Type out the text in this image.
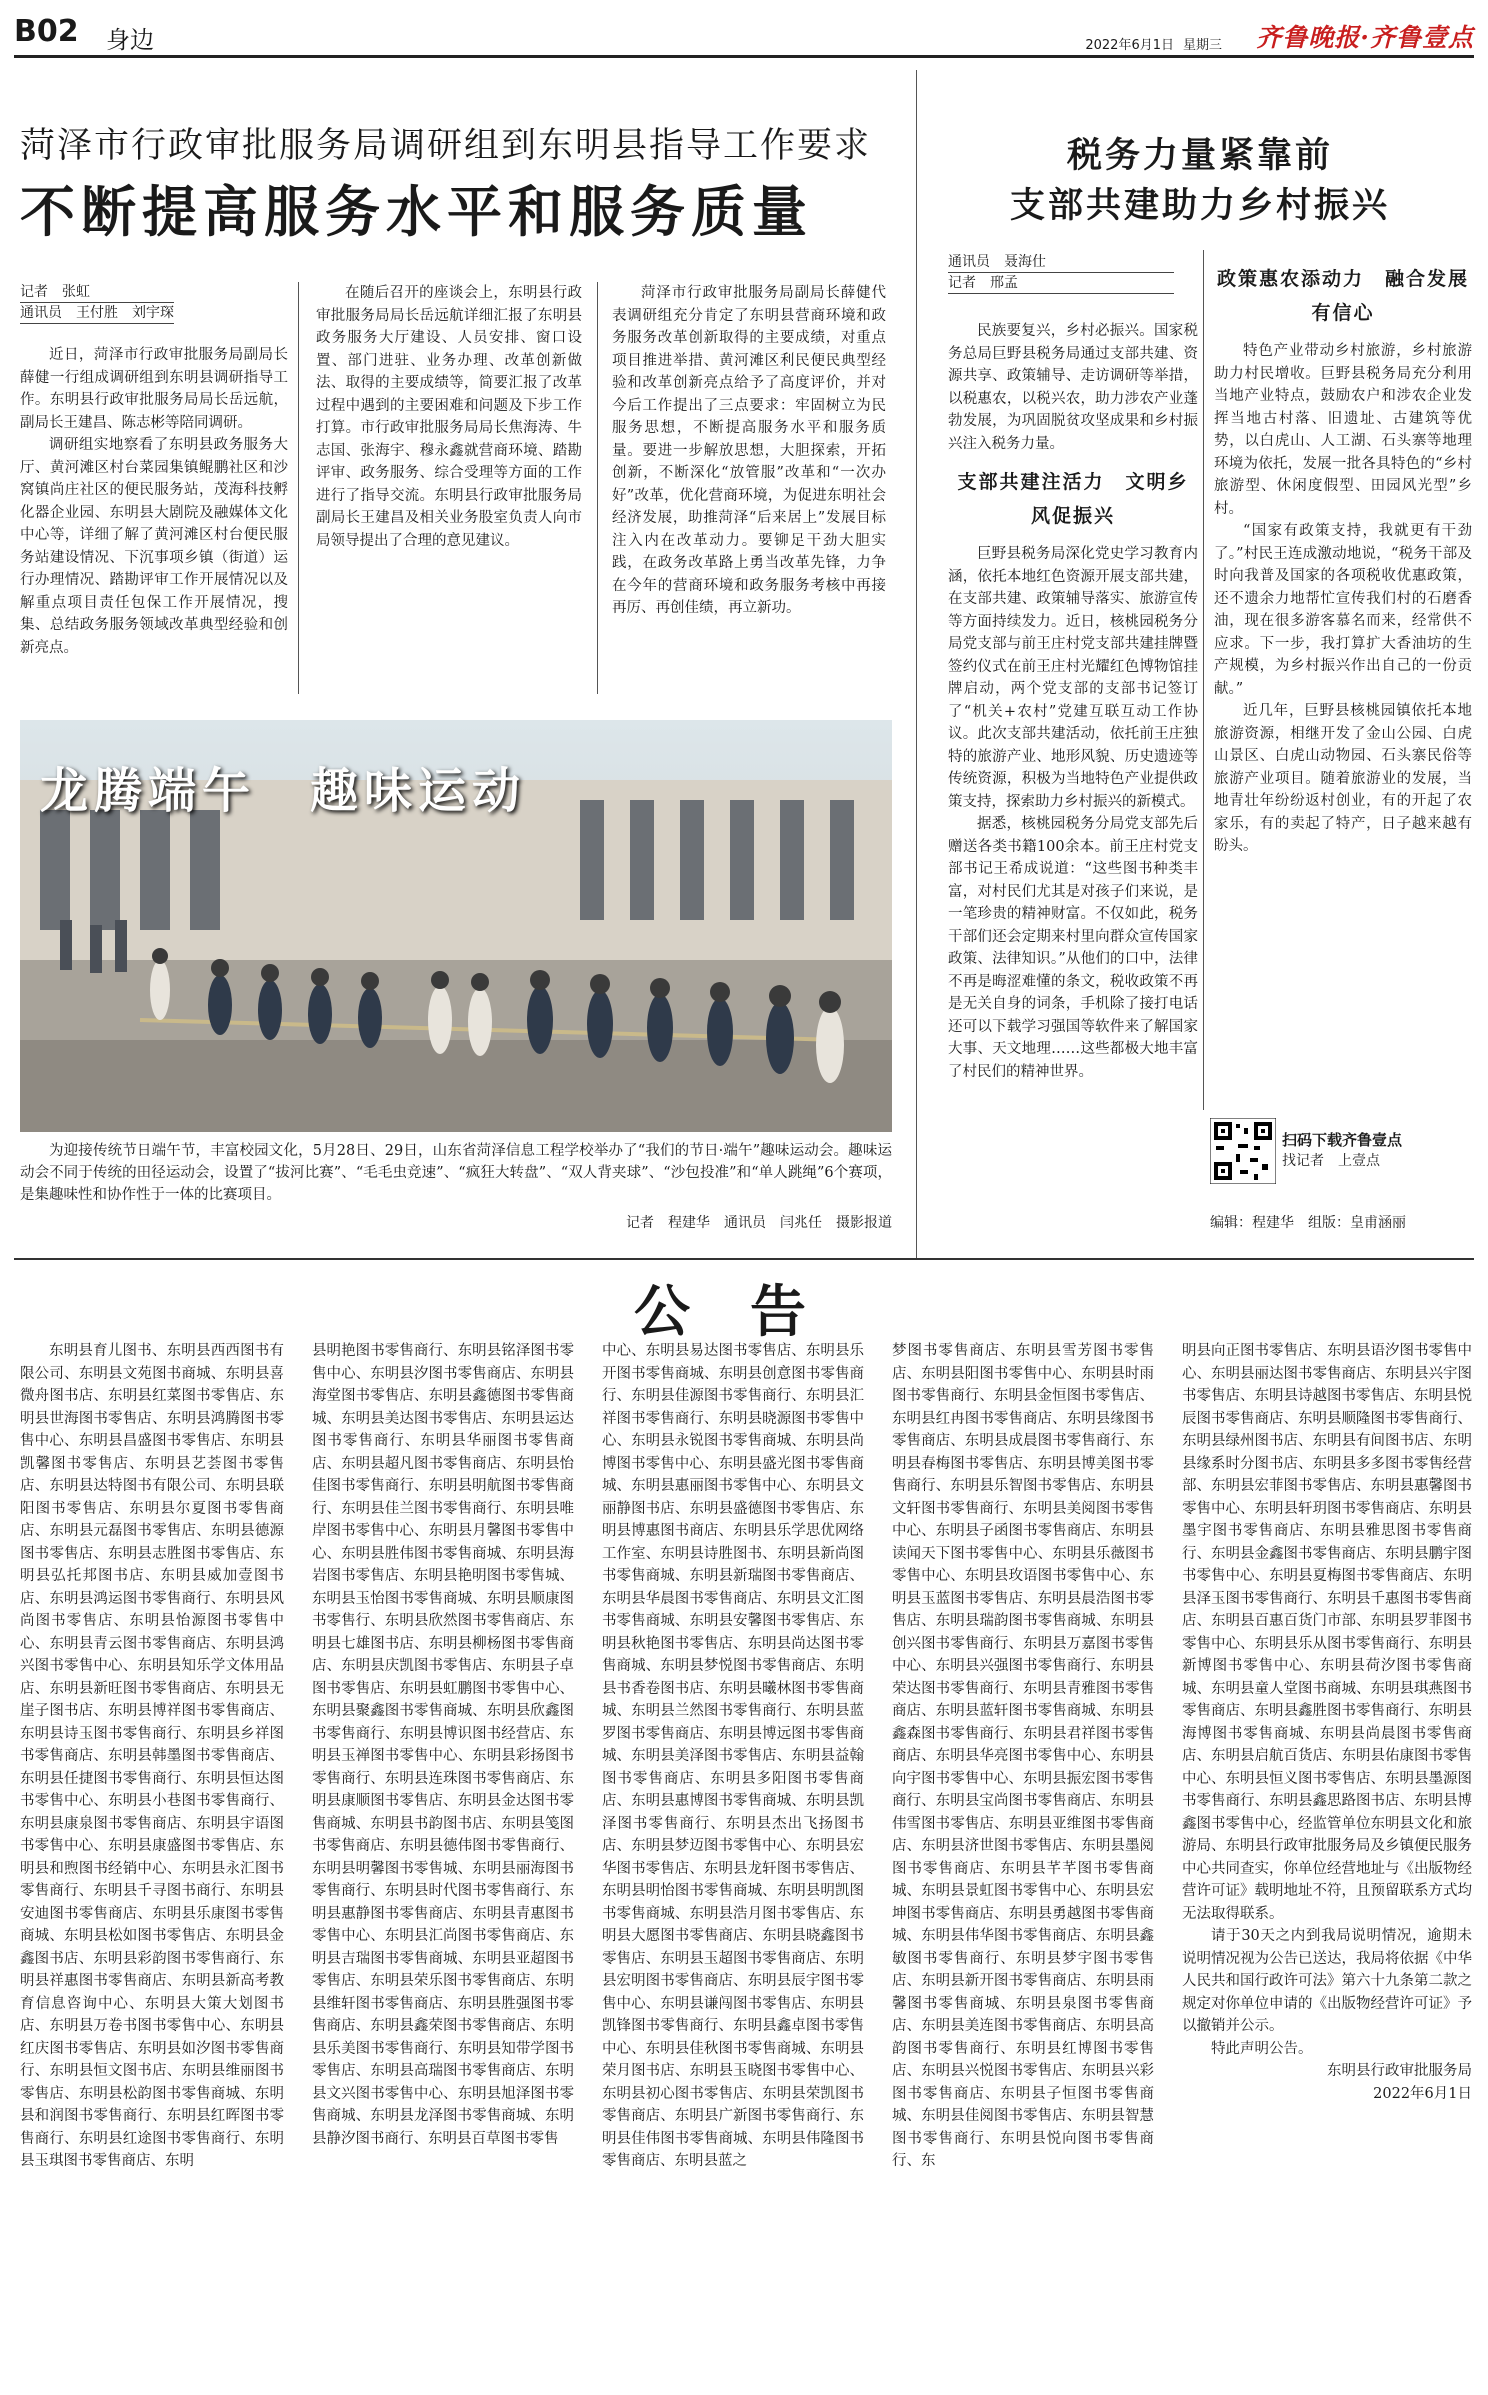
B02 身边	2022年6月1日 星期三 齐鲁晚报·齐鲁壹点
菏泽市行政审批服务局调研组到东明县指导工作要求
不断提高服务水平和服务质量
记者　张虹
通讯员　王付胜　刘宇琛

近日，菏泽市行政审批服务局副局长薛健一行组成调研组到东明县调研指导工作。东明县行政审批服务局局长岳远航，副局长王建昌、陈志彬等陪同调研。

调研组实地察看了东明县政务服务大厅、黄河滩区村台菜园集镇鲲鹏社区和沙窝镇尚庄社区的便民服务站，茂海科技孵化器企业园、东明县大剧院及融媒体文化中心等，详细了解了黄河滩区村台便民服务站建设情况、下沉事项乡镇（街道）运行办理情况、踏勘评审工作开展情况以及解重点项目责任包保工作开展情况，搜集、总结政务服务领域改革典型经验和创新亮点。

在随后召开的座谈会上，东明县行政审批服务局局长岳远航详细汇报了东明县政务服务大厅建设、人员安排、窗口设置、部门进驻、业务办理、改革创新做法、取得的主要成绩等，简要汇报了改革过程中遇到的主要困难和问题及下步工作打算。市行政审批服务局局长焦海涛、牛志国、张海宇、穆永鑫就营商环境、踏勘评审、政务服务、综合受理等方面的工作进行了指导交流。东明县行政审批服务局副局长王建昌及相关业务股室负责人向市局领导提出了合理的意见建议。

菏泽市行政审批服务局副局长薛健代表调研组充分肯定了东明县营商环境和政务服务改革创新取得的主要成绩，对重点项目推进举措、黄河滩区利民便民典型经验和改革创新亮点给予了高度评价，并对今后工作提出了三点要求：牢固树立为民服务思想，不断提高服务水平和服务质量。要进一步解放思想，大胆探索，开拓创新，不断深化“放管服”改革和“一次办好”改革，优化营商环境，为促进东明社会经济发展，助推菏泽“后来居上”发展目标注入内在改革动力。要铆足干劲大胆实践，在政务改革路上勇当改革先锋，力争在今年的营商环境和政务服务考核中再接再厉、再创佳绩，再立新功。

税务力量紧靠前
支部共建助力乡村振兴
通讯员　聂海仕
记者　邢孟

民族要复兴，乡村必振兴。国家税务总局巨野县税务局通过支部共建、资源共享、政策辅导、走访调研等举措，以税惠农，以税兴农，助力涉农产业蓬勃发展，为巩固脱贫攻坚成果和乡村振兴注入税务力量。

支部共建注活力　文明乡风促振兴

巨野县税务局深化党史学习教育内涵，依托本地红色资源开展支部共建，在支部共建、政策辅导落实、旅游宣传等方面持续发力。近日，核桃园税务分局党支部与前王庄村党支部共建挂牌暨签约仪式在前王庄村光耀红色博物馆挂牌启动，两个党支部的支部书记签订了“机关+农村”党建互联互动工作协议。此次支部共建活动，依托前王庄独特的旅游产业、地形风貌、历史遗迹等传统资源，积极为当地特色产业提供政策支持，探索助力乡村振兴的新模式。

据悉，核桃园税务分局党支部先后赠送各类书籍100余本。前王庄村党支部书记王希成说道：“这些图书种类丰富，对村民们尤其是对孩子们来说，是一笔珍贵的精神财富。不仅如此，税务干部们还会定期来村里向群众宣传国家政策、法律知识。”从他们的口中，法律不再是晦涩难懂的条文，税收政策不再是无关自身的词条，手机除了接打电话还可以下载学习强国等软件来了解国家大事、天文地理……这些都极大地丰富了村民们的精神世界。

政策惠农添动力　融合发展有信心

特色产业带动乡村旅游，乡村旅游助力村民增收。巨野县税务局充分利用当地产业特点，鼓励农户和涉农企业发挥当地古村落、旧遗址、古建筑等优势，以白虎山、人工湖、石头寨等地理环境为依托，发展一批各具特色的“乡村旅游型、休闲度假型、田园风光型”乡村。

“国家有政策支持，我就更有干劲了。”村民王连成激动地说，“税务干部及时向我普及国家的各项税收优惠政策，还不遗余力地帮忙宣传我们村的石磨香油，现在很多游客慕名而来，经常供不应求。下一步，我打算扩大香油坊的生产规模，为乡村振兴作出自己的一份贡献。”

近几年，巨野县核桃园镇依托本地旅游资源，相继开发了金山公园、白虎山景区、白虎山动物园、石头寨民俗等旅游产业项目。随着旅游业的发展，当地青壮年纷纷返村创业，有的开起了农家乐，有的卖起了特产，日子越来越有盼头。

扫码下载齐鲁壹点
找记者　上壹点
编辑：程建华　组版：皇甫涵丽
龙腾端午　趣味运动
为迎接传统节日端午节，丰富校园文化，5月28日、29日，山东省菏泽信息工程学校举办了“我们的节日·端午”趣味运动会。趣味运动会不同于传统的田径运动会，设置了“拔河比赛”、“毛毛虫竞速”、“疯狂大转盘”、“双人背夹球”、“沙包投准”和“单人跳绳”6个赛项，是集趣味性和协作性于一体的比赛项目。
记者　程建华　通讯员　闫兆任　摄影报道
公告

东明县育儿图书、东明县西西图书有限公司、东明县文苑图书商城、东明县喜微舟图书店、东明县红菜图书零售店、东明县世海图书零售店、东明县鸿腾图书零售中心、东明县昌盛图书零售店、东明县凯馨图书零售店、东明县艺荟图书零售店、东明县达特图书有限公司、东明县联阳图书零售店、东明县尔夏图书零售商店、东明县元磊图书零售店、东明县德源图书零售店、东明县志胜图书零售店、东明县弘托邦图书店、东明县威加壹图书店、东明县鸿运图书零售商行、东明县风尚图书零售店、东明县怡源图书零售中心、东明县青云图书零售商店、东明县鸿兴图书零售中心、东明县知乐学文体用品店、东明县新旺图书零售商店、东明县无崖子图书店、东明县博祥图书零售商店、东明县诗玉图书零售商行、东明县乡祥图书零售商店、东明县韩墨图书零售商店、东明县任捷图书零售商行、东明县恒达图书零售中心、东明县小巷图书零售商行、东明县康泉图书零售商店、东明县宇语图书零售中心、东明县康盛图书零售店、东明县和煦图书经销中心、东明县永汇图书零售商行、东明县千寻图书商行、东明县安迪图书零售商店、东明县乐康图书零售商城、东明县松如图书零售店、东明县金鑫图书店、东明县彩韵图书零售商行、东明县祥惠图书零售商店、东明县新高考教育信息咨询中心、东明县大策大划图书店、东明县万卷书图书零售中心、东明县红庆图书零售店、东明县如汐图书零售商行、东明县恒文图书店、东明县维丽图书零售店、东明县松韵图书零售商城、东明县和润图书零售商行、东明县红晖图书零售商行、东明县红途图书零售商行、东明县玉琪图书零售商店、东明

县明艳图书零售商行、东明县铭泽图书零售中心、东明县汐图书零售商店、东明县海堂图书零售店、东明县鑫德图书零售商城、东明县美达图书零售店、东明县运达图书零售商行、东明县华丽图书零售商店、东明县超凡图书零售商店、东明县怡佳图书零售商行、东明县明航图书零售商行、东明县佳兰图书零售商行、东明县唯岸图书零售中心、东明县月馨图书零售中心、东明县胜伟图书零售商城、东明县海岩图书零售店、东明县艳明图书零售城、东明县玉怡图书零售商城、东明县顺康图书零售行、东明县欣然图书零售商店、东明县七雄图书店、东明县柳杨图书零售商店、东明县庆凯图书零售店、东明县子卓图书零售店、东明县虹鹏图书零售中心、东明县聚鑫图书零售商城、东明县欣鑫图书零售商行、东明县博识图书经营店、东明县玉禅图书零售中心、东明县彩扬图书零售商行、东明县连珠图书零售商店、东明县康顺图书零售店、东明县金达图书零售商城、东明县书韵图书店、东明县笺图书零售商店、东明县德伟图书零售商行、东明县明馨图书零售城、东明县丽海图书零售商行、东明县时代图书零售商行、东明县惠静图书零售商店、东明县青惠图书零售中心、东明县汇尚图书零售商店、东明县吉瑞图书零售商城、东明县亚超图书零售店、东明县荣乐图书零售商店、东明县维轩图书零售商店、东明县胜强图书零售商店、东明县鑫荣图书零售商店、东明县乐美图书零售商行、东明县知带学图书零售店、东明县高瑞图书零售商店、东明县文兴图书零售中心、东明县旭泽图书零售商城、东明县龙泽图书零售商城、东明县静汐图书商行、东明县百草图书零售

中心、东明县易达图书零售店、东明县乐开图书零售商城、东明县创意图书零售商行、东明县佳源图书零售商行、东明县汇祥图书零售商行、东明县晓源图书零售中心、东明县永锐图书零售商城、东明县尚博图书零售中心、东明县盛光图书零售商城、东明县惠丽图书零售中心、东明县文丽静图书店、东明县盛德图书零售店、东明县博惠图书商店、东明县乐学思优网络工作室、东明县诗胜图书、东明县新尚图书零售商城、东明县新瑞图书零售商店、东明县华晨图书零售商店、东明县文汇图书零售商城、东明县安馨图书零售店、东明县秋艳图书零售店、东明县尚达图书零售商城、东明县梦悦图书零售商店、东明县书香卷图书店、东明县曦林图书零售商城、东明县兰然图书零售商行、东明县蓝罗图书零售商店、东明县博远图书零售商城、东明县美泽图书零售店、东明县益翰图书零售商店、东明县多阳图书零售商店、东明县惠博图书零售商城、东明县凯泽图书零售商行、东明县杰出飞扬图书店、东明县梦迈图书零售中心、东明县宏华图书零售店、东明县龙轩图书零售店、东明县明怡图书零售商城、东明县明凯图书零售商城、东明县浩月图书零售店、东明县大愿图书零售商店、东明县晓鑫图书零售店、东明县玉超图书零售商店、东明县宏明图书零售商店、东明县辰宇图书零售中心、东明县谦闯图书零售店、东明县凯锋图书零售商行、东明县鑫卓图书零售中心、东明县佳秋图书零售商城、东明县荣月图书店、东明县玉晓图书零售中心、东明县初心图书零售店、东明县荣凯图书零售商店、东明县广新图书零售商行、东明县佳伟图书零售商城、东明县伟隆图书零售商店、东明县蓝之

梦图书零售商店、东明县雪芳图书零售店、东明县阳图书零售中心、东明县时雨图书零售商行、东明县金恒图书零售店、东明县红冉图书零售商店、东明县缘图书零售商店、东明县成晨图书零售商行、东明县春梅图书零售店、东明县博美图书零售商行、东明县乐智图书零售店、东明县文轩图书零售商行、东明县美阅图书零售中心、东明县子函图书零售商店、东明县读闻天下图书零售中心、东明县乐薇图书零售中心、东明县玫语图书零售中心、东明县玉蓝图书零售店、东明县晨浩图书零售店、东明县瑞韵图书零售商城、东明县创兴图书零售商行、东明县万嘉图书零售中心、东明县兴强图书零售商行、东明县荣达图书零售商行、东明县青雅图书零售商店、东明县蓝轩图书零售商城、东明县鑫森图书零售商行、东明县君祥图书零售商店、东明县华亮图书零售中心、东明县向宇图书零售中心、东明县振宏图书零售商行、东明县宝尚图书零售商店、东明县伟雪图书零售店、东明县亚维图书零售商店、东明县济世图书零售店、东明县墨阅图书零售商店、东明县芊芊图书零售商城、东明县景虹图书零售中心、东明县宏坤图书零售商店、东明县勇越图书零售商城、东明县伟华图书零售商店、东明县鑫敏图书零售商行、东明县梦宇图书零售店、东明县新开图书零售商店、东明县雨馨图书零售商城、东明县泉图书零售商店、东明县美连图书零售商店、东明县高韵图书零售商行、东明县红博图书零售店、东明县兴悦图书零售店、东明县兴彩图书零售商店、东明县子恒图书零售商城、东明县佳阅图书零售店、东明县智慧图书零售商行、东明县悦向图书零售商行、东

明县向正图书零售店、东明县语汐图书零售中心、东明县丽达图书零售商店、东明县兴宇图书零售店、东明县诗越图书零售店、东明县悦辰图书零售商店、东明县顺隆图书零售商行、东明县绿州图书店、东明县有间图书店、东明县缘系时分图书店、东明县多多图书零售经营部、东明县宏菲图书零售店、东明县惠馨图书零售中心、东明县轩玥图书零售商店、东明县墨宇图书零售商店、东明县雅思图书零售商行、东明县金鑫图书零售商店、东明县鹏宇图书零售中心、东明县夏梅图书零售商店、东明县泽玉图书零售商行、东明县千惠图书零售商店、东明县百惠百货门市部、东明县罗菲图书零售中心、东明县乐从图书零售商行、东明县新博图书零售中心、东明县荷汐图书零售商城、东明县童人堂图书商城、东明县琪燕图书零售商店、东明县鑫胜图书零售商行、东明县海博图书零售商城、东明县尚晨图书零售商店、东明县启航百货店、东明县佑康图书零售中心、东明县恒义图书零售店、东明县墨源图书零售商行、东明县鑫思路图书店、东明县博鑫图书零售中心，经监管单位东明县文化和旅游局、东明县行政审批服务局及乡镇便民服务中心共同查实，你单位经营地址与《出版物经营许可证》载明地址不符，且预留联系方式均无法取得联系。

请于30天之内到我局说明情况，逾期未说明情况视为公告已送达，我局将依据《中华人民共和国行政许可法》第六十九条第二款之规定对你单位申请的《出版物经营许可证》予以撤销并公示。

特此声明公告。

东明县行政审批服务局
2022年6月1日
